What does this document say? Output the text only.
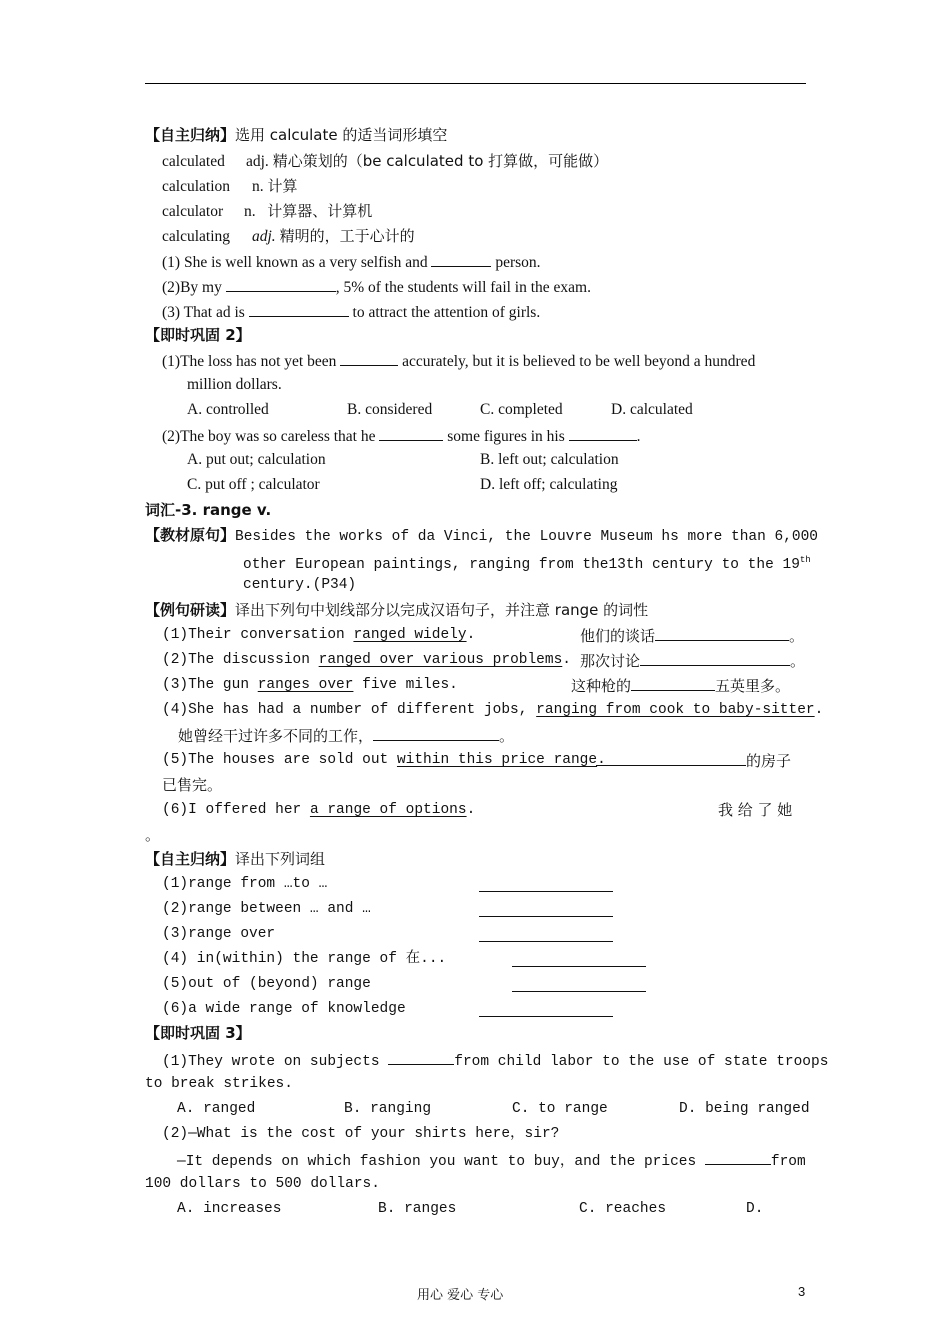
【自主归纳】选用 calculate 的适当词形填空
calculated adj. 精心策划的（be calculated to 打算做，可能做）
calculation n. 计算
calculator n. 计算器、计算机
calculating adj. 精明的，工于心计的
(1) She is well known as a very selfish and	person.
(2)By my	, 5% of the students will fail in the exam.
(3) That ad is	to attract the attention of girls.
【即时巩固 2】
(1)The loss has not yet been	accurately, but it is believed to be well beyond a hundred
million dollars.
A. controlled	B. considered	C. completed	D. calculated
(2)The boy was so careless that he	some figures in his	.
A. put out; calculation	B. left out; calculation
C. put off ; calculator	D. left off; calculating
词汇-3. range v.
【教材原句】Besides the works of da Vinci, the Louvre Museum hs more than 6,000
other European paintings, ranging from the13th century to the 19th
century.(P34)
【例句研读】译出下列句中划线部分以完成汉语句子，并注意 range 的词性
(1)Their conversation ranged widely.	他们的谈话	。
(2)The discussion ranged over various problems. 那次讨论	。
(3)The gun ranges over five miles.	这种枪的	五英里多。
(4)She has had a number of different jobs, ranging from cook to baby-sitter.
她曾经干过许多不同的工作，	。
(5)The houses are sold out within this price range.	的房子
已售完。
(6)I offered her a range of options.	我 给 了 她
。
【自主归纳】译出下列词组
(1)range from …to …
(2)range between … and …
(3)range over
(4) in(within) the range of 在...
(5)out of (beyond) range
(6)a wide range of knowledge
【即时巩固 3】
(1)They wrote on subjects	from child labor to the use of state troops
to break strikes.
A. ranged	B. ranging	C. to range	D. being ranged
(2)—What is the cost of your shirts here，sir?
—It depends on which fashion you want to buy，and the prices	from
100 dollars to 500 dollars.
A. increases	B. ranges	C. reaches	D.
用心 爱心 专心	3
